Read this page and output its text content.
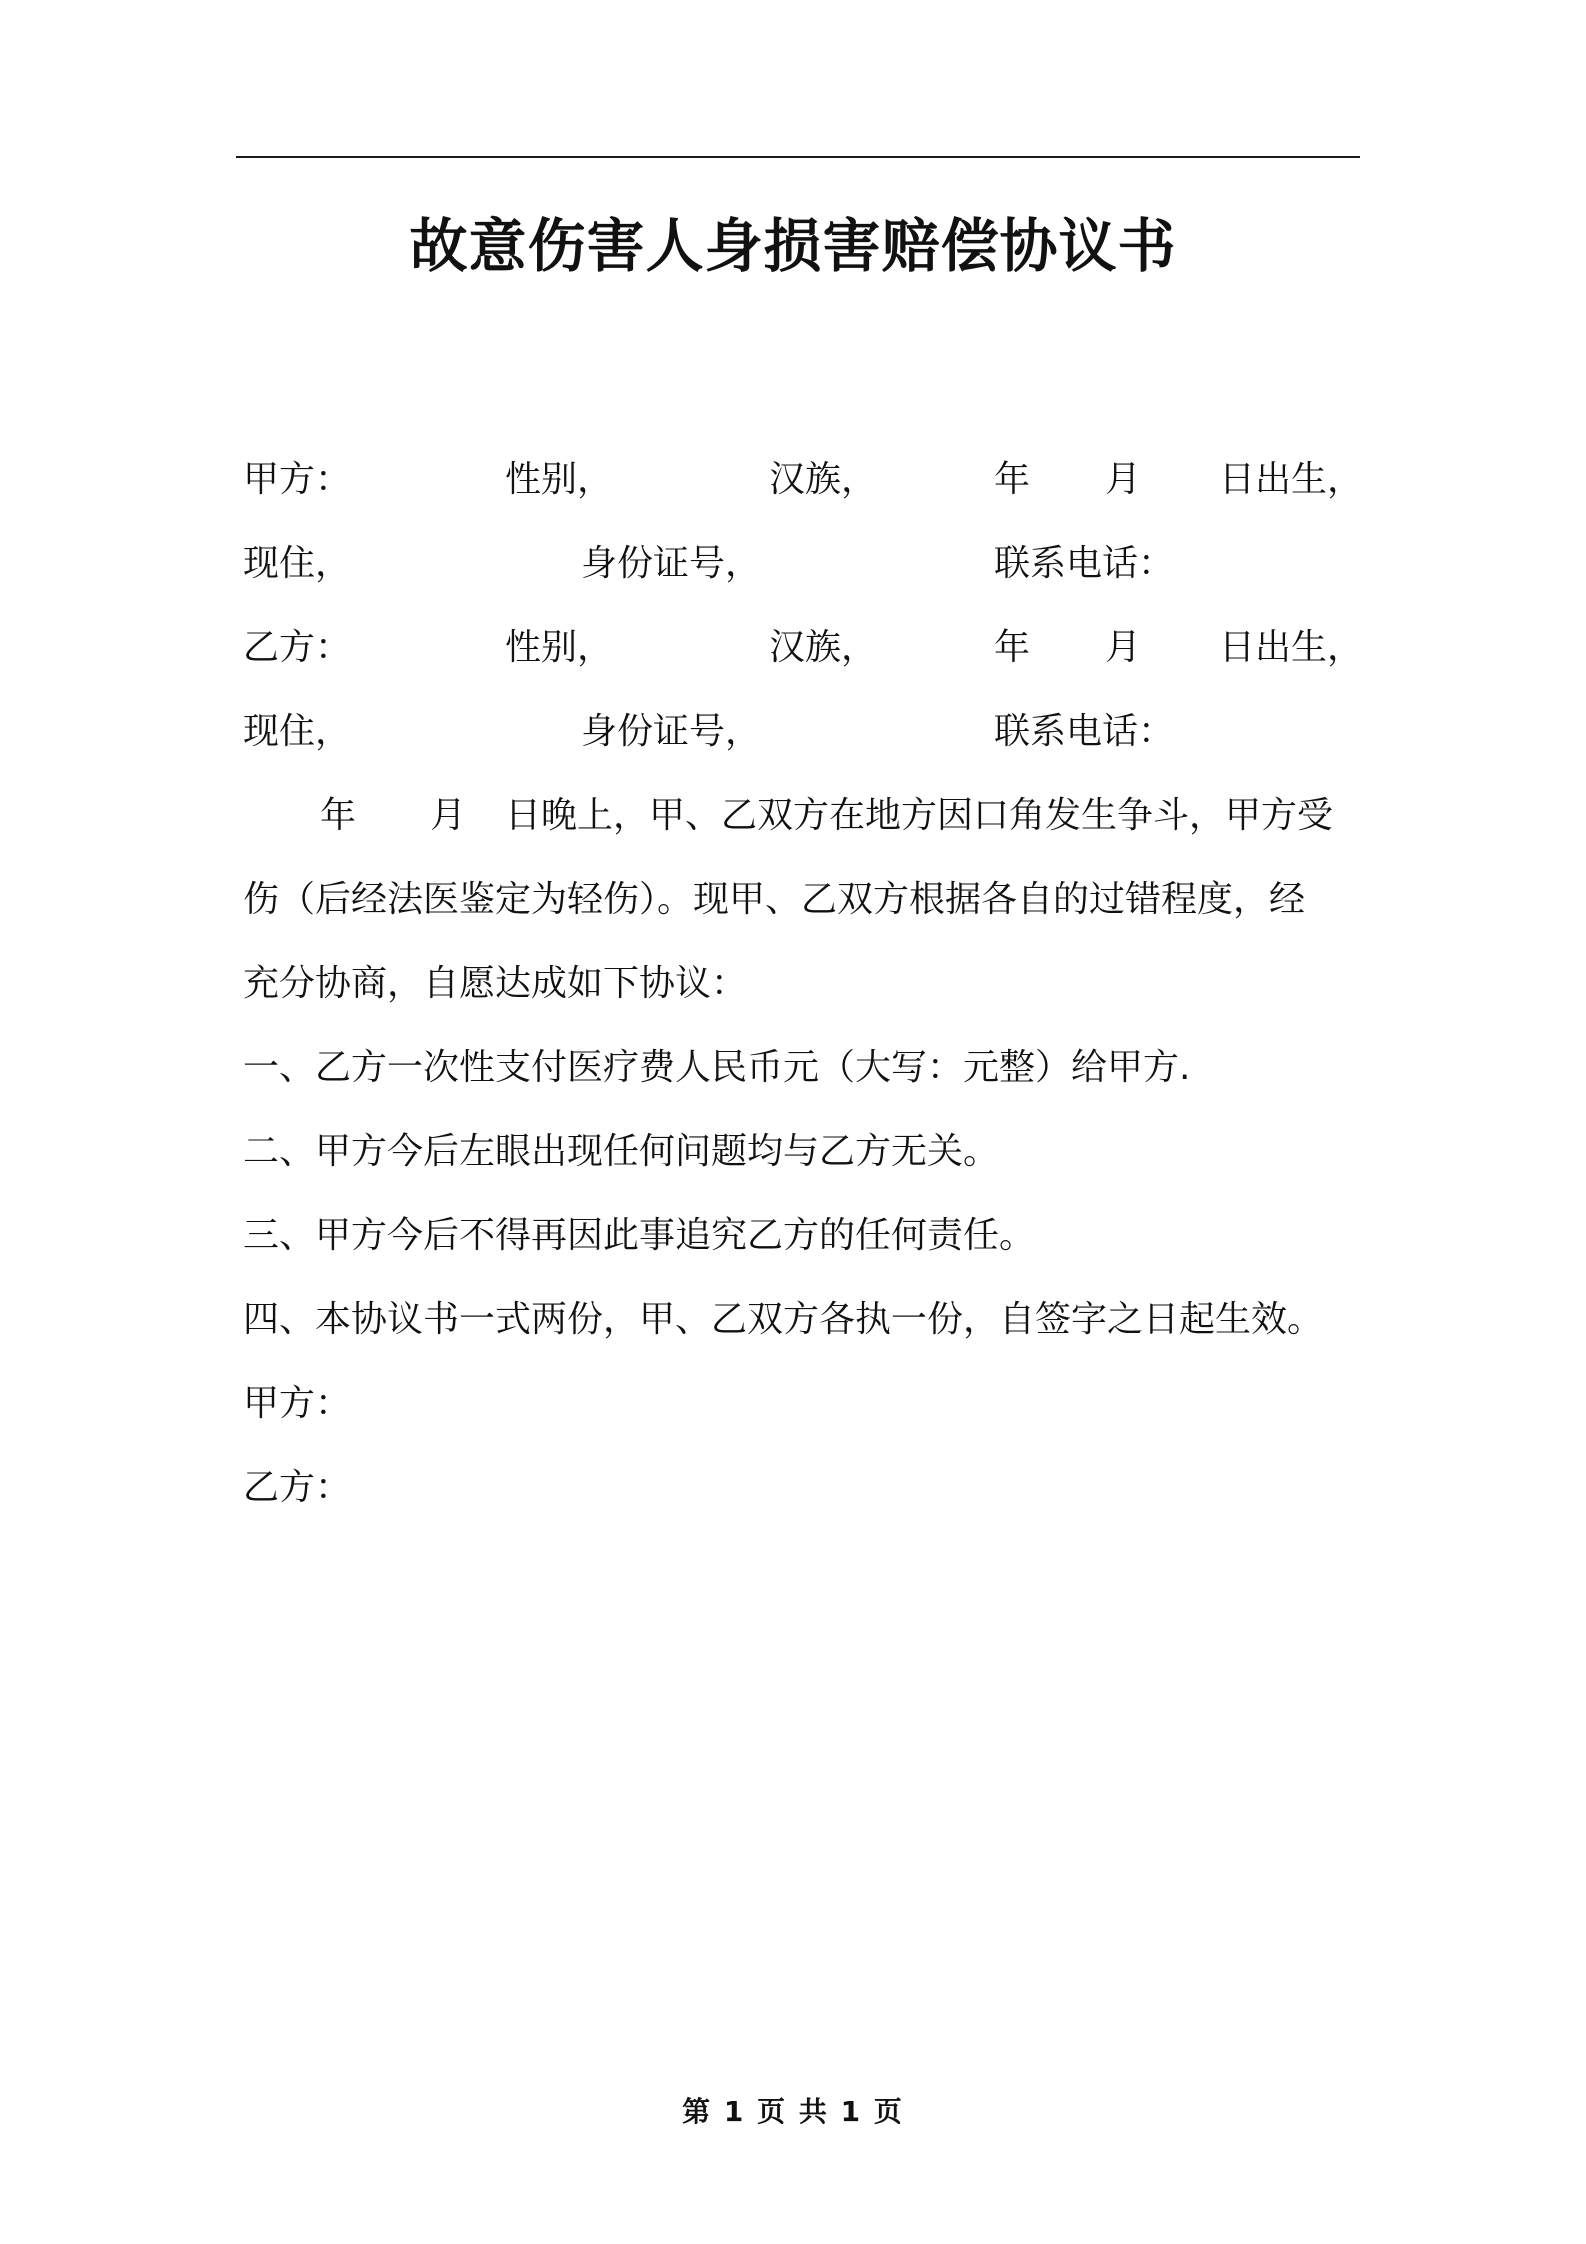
故意伤害人身损害赔偿协议书
甲方：	性别，	汉族，	年 月 日出生，
现住，	身份证号，	联系电话：
乙方：	性别，	汉族，	年 月 日出生，
现住，	身份证号，	联系电话：
年 月 日晚上，甲、乙双方在地方因口角发生争斗，甲方受
伤（后经法医鉴定为轻伤）。现甲、乙双方根据各自的过错程度，经
充分协商，自愿达成如下协议：
一、乙方一次性支付医疗费人民币元（大写：元整）给甲方.
二、甲方今后左眼出现任何问题均与乙方无关。
三、甲方今后不得再因此事追究乙方的任何责任。
四、本协议书一式两份，甲、乙双方各执一份，自签字之日起生效。
甲方：
乙方：
第 1 页 共 1 页
